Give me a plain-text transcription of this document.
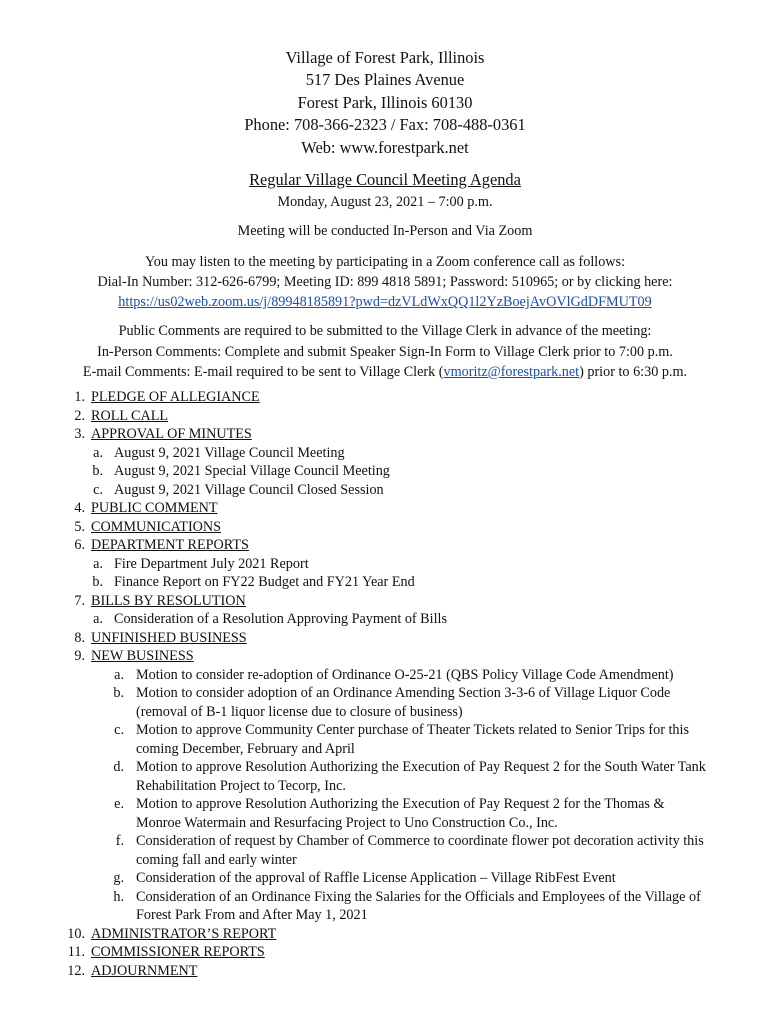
Village of Forest Park, Illinois
517 Des Plaines Avenue
Forest Park, Illinois 60130
Phone: 708-366-2323 / Fax: 708-488-0361
Web: www.forestpark.net
Regular Village Council Meeting Agenda
Monday, August 23, 2021 – 7:00 p.m.
Meeting will be conducted In-Person and Via Zoom
You may listen to the meeting by participating in a Zoom conference call as follows:
Dial-In Number: 312-626-6799; Meeting ID: 899 4818 5891; Password: 510965; or by clicking here:
https://us02web.zoom.us/j/89948185891?pwd=dzVLdWxQQ1l2YzBoejAvOVlGdDFMUT09
Public Comments are required to be submitted to the Village Clerk in advance of the meeting:
In-Person Comments: Complete and submit Speaker Sign-In Form to Village Clerk prior to 7:00 p.m.
E-mail Comments: E-mail required to be sent to Village Clerk (vmoritz@forestpark.net) prior to 6:30 p.m.
1. PLEDGE OF ALLEGIANCE
2. ROLL CALL
3. APPROVAL OF MINUTES
a. August 9, 2021 Village Council Meeting
b. August 9, 2021 Special Village Council Meeting
c. August 9, 2021 Village Council Closed Session
4. PUBLIC COMMENT
5. COMMUNICATIONS
6. DEPARTMENT REPORTS
a. Fire Department July 2021 Report
b. Finance Report on FY22 Budget and FY21 Year End
7. BILLS BY RESOLUTION
a. Consideration of a Resolution Approving Payment of Bills
8. UNFINISHED BUSINESS
9. NEW BUSINESS
a. Motion to consider re-adoption of Ordinance O-25-21 (QBS Policy Village Code Amendment)
b. Motion to consider adoption of an Ordinance Amending Section 3-3-6 of Village Liquor Code
(removal of B-1 liquor license due to closure of business)
c. Motion to approve Community Center purchase of Theater Tickets related to Senior Trips for this
coming December, February and April
d. Motion to approve Resolution Authorizing the Execution of Pay Request 2 for the South Water Tank
Rehabilitation Project to Tecorp, Inc.
e. Motion to approve Resolution Authorizing the Execution of Pay Request 2 for the Thomas &
Monroe Watermain and Resurfacing Project to Uno Construction Co., Inc.
f. Consideration of request by Chamber of Commerce to coordinate flower pot decoration activity this
coming fall and early winter
g. Consideration of the approval of Raffle License Application – Village RibFest Event
h. Consideration of an Ordinance Fixing the Salaries for the Officials and Employees of the Village of
Forest Park From and After May 1, 2021
10. ADMINISTRATOR’S REPORT
11. COMMISSIONER REPORTS
12. ADJOURNMENT
